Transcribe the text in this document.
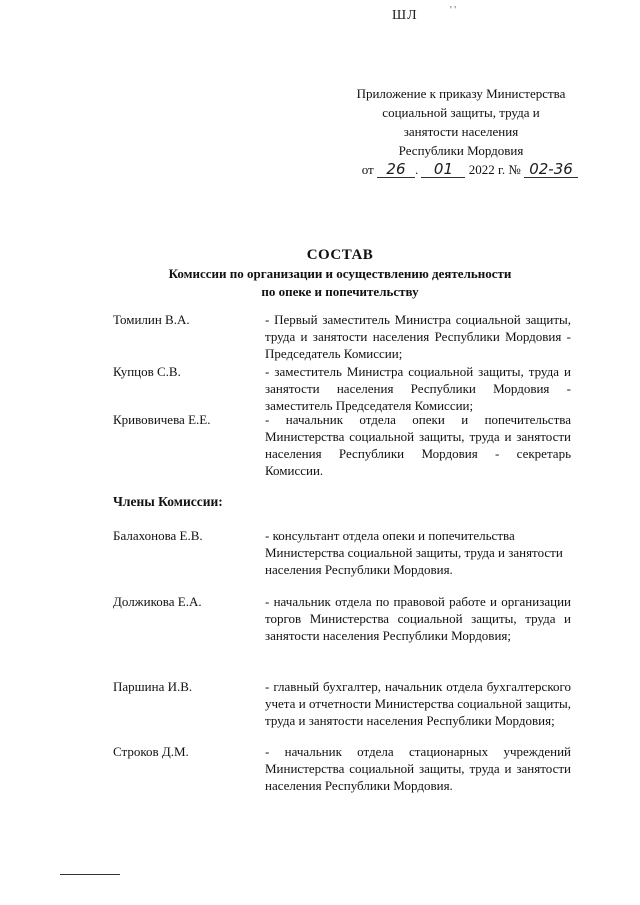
ШЛ	' '
Приложение к приказу Министерства
социальной защиты, труда и
занятости населения
Республики Мордовия
от 26 . 01 2022 г. № 02-36
СОСТАВ
Комиссии по организации и осуществлению деятельности
по опеке и попечительству
Томилин В.А.	- Первый заместитель Министра социальной защиты, труда и занятости населения Республики Мордовия - Председатель Комиссии;
Купцов С.В.	- заместитель Министра социальной защиты, труда и занятости населения Республики Мордовия - заместитель Председателя Комиссии;
Кривовичева Е.Е.	- начальник отдела опеки и попечительства Министерства социальной защиты, труда и занятости населения Республики Мордовия - секретарь Комиссии.
Члены Комиссии:
Балахонова Е.В.	- консультант отдела опеки и попечительства Министерства социальной защиты, труда и занятости населения Республики Мордовия.
Должикова Е.А.	- начальник отдела по правовой работе и организации торгов Министерства социальной защиты, труда и занятости населения Республики Мордовия;
Паршина И.В.	- главный бухгалтер, начальник отдела бухгалтерского учета и отчетности Министерства социальной защиты, труда и занятости населения Республики Мордовия;
Строков Д.М.	- начальник отдела стационарных учреждений Министерства социальной защиты, труда и занятости населения Республики Мордовия.
